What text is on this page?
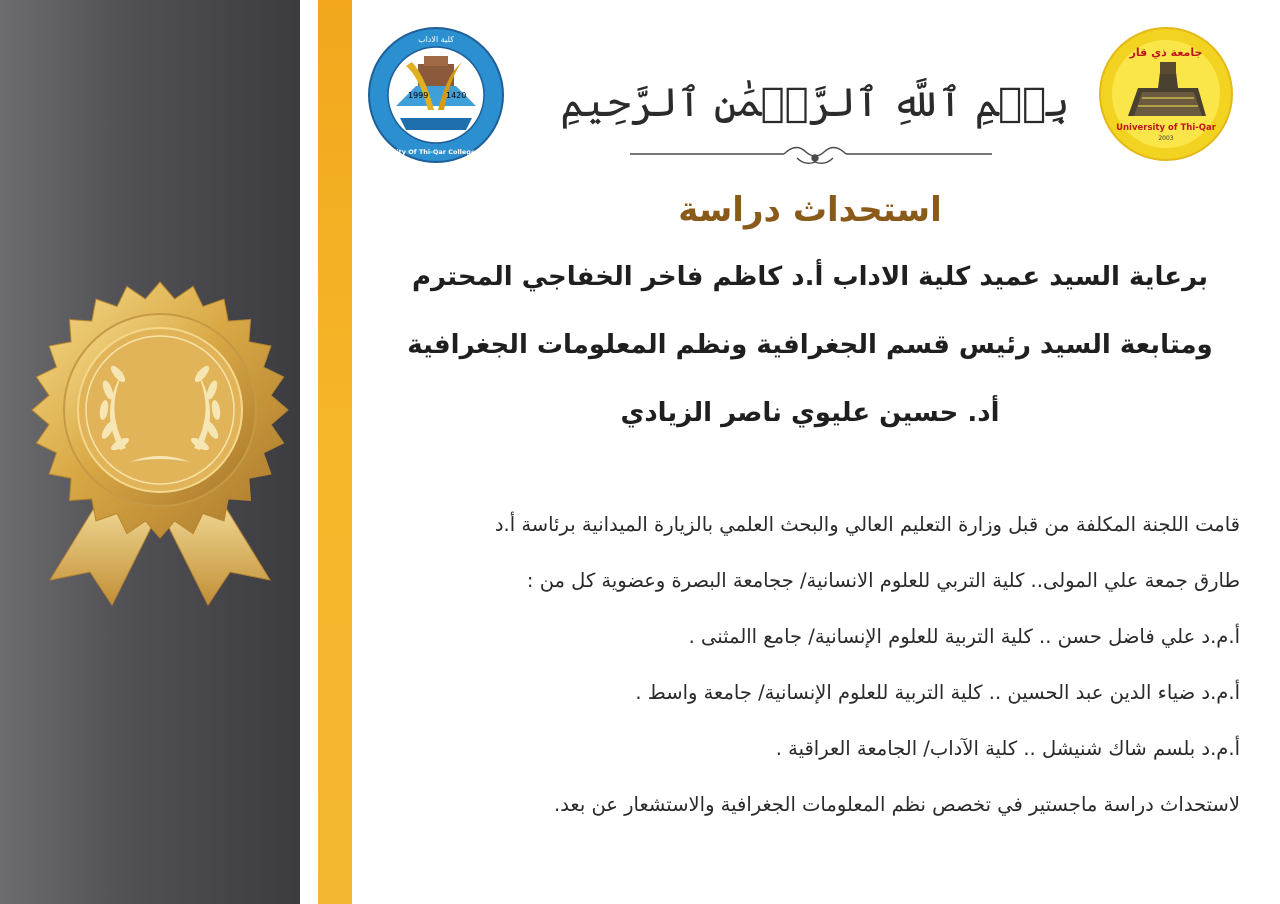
1999 1420
كلية الاداب
University Of Thi-Qar College Of Arts
جامعة ذي قار
University of Thi-Qar
2003
بِسۡمِ ٱللَّهِ ٱلرَّحۡمَٰنِ ٱلرَّحِيمِ
استحداث دراسة
برعاية السيد عميد كلية الاداب أ.د كاظم فاخر الخفاجي المحترم
ومتابعة السيد رئيس قسم الجغرافية ونظم المعلومات الجغرافية
أد. حسين عليوي ناصر الزيادي
قامت اللجنة المكلفة من قبل وزارة التعليم العالي والبحث العلمي بالزيارة الميدانية برئاسة أ.د
طارق جمعة علي المولى.. كلية التربي للعلوم الانسانية/ ججامعة البصرة وعضوية كل من :
أ.م.د علي فاضل حسن .. كلية التربية للعلوم الإنسانية/ جامع االمثنى .
أ.م.د ضياء الدين عبد الحسين .. كلية التربية للعلوم الإنسانية/ جامعة واسط .
أ.م.د بلسم شاك شنيشل .. كلية الآداب/ الجامعة العراقية .
لاستحداث دراسة ماجستير في تخصص نظم المعلومات الجغرافية والاستشعار عن بعد.
